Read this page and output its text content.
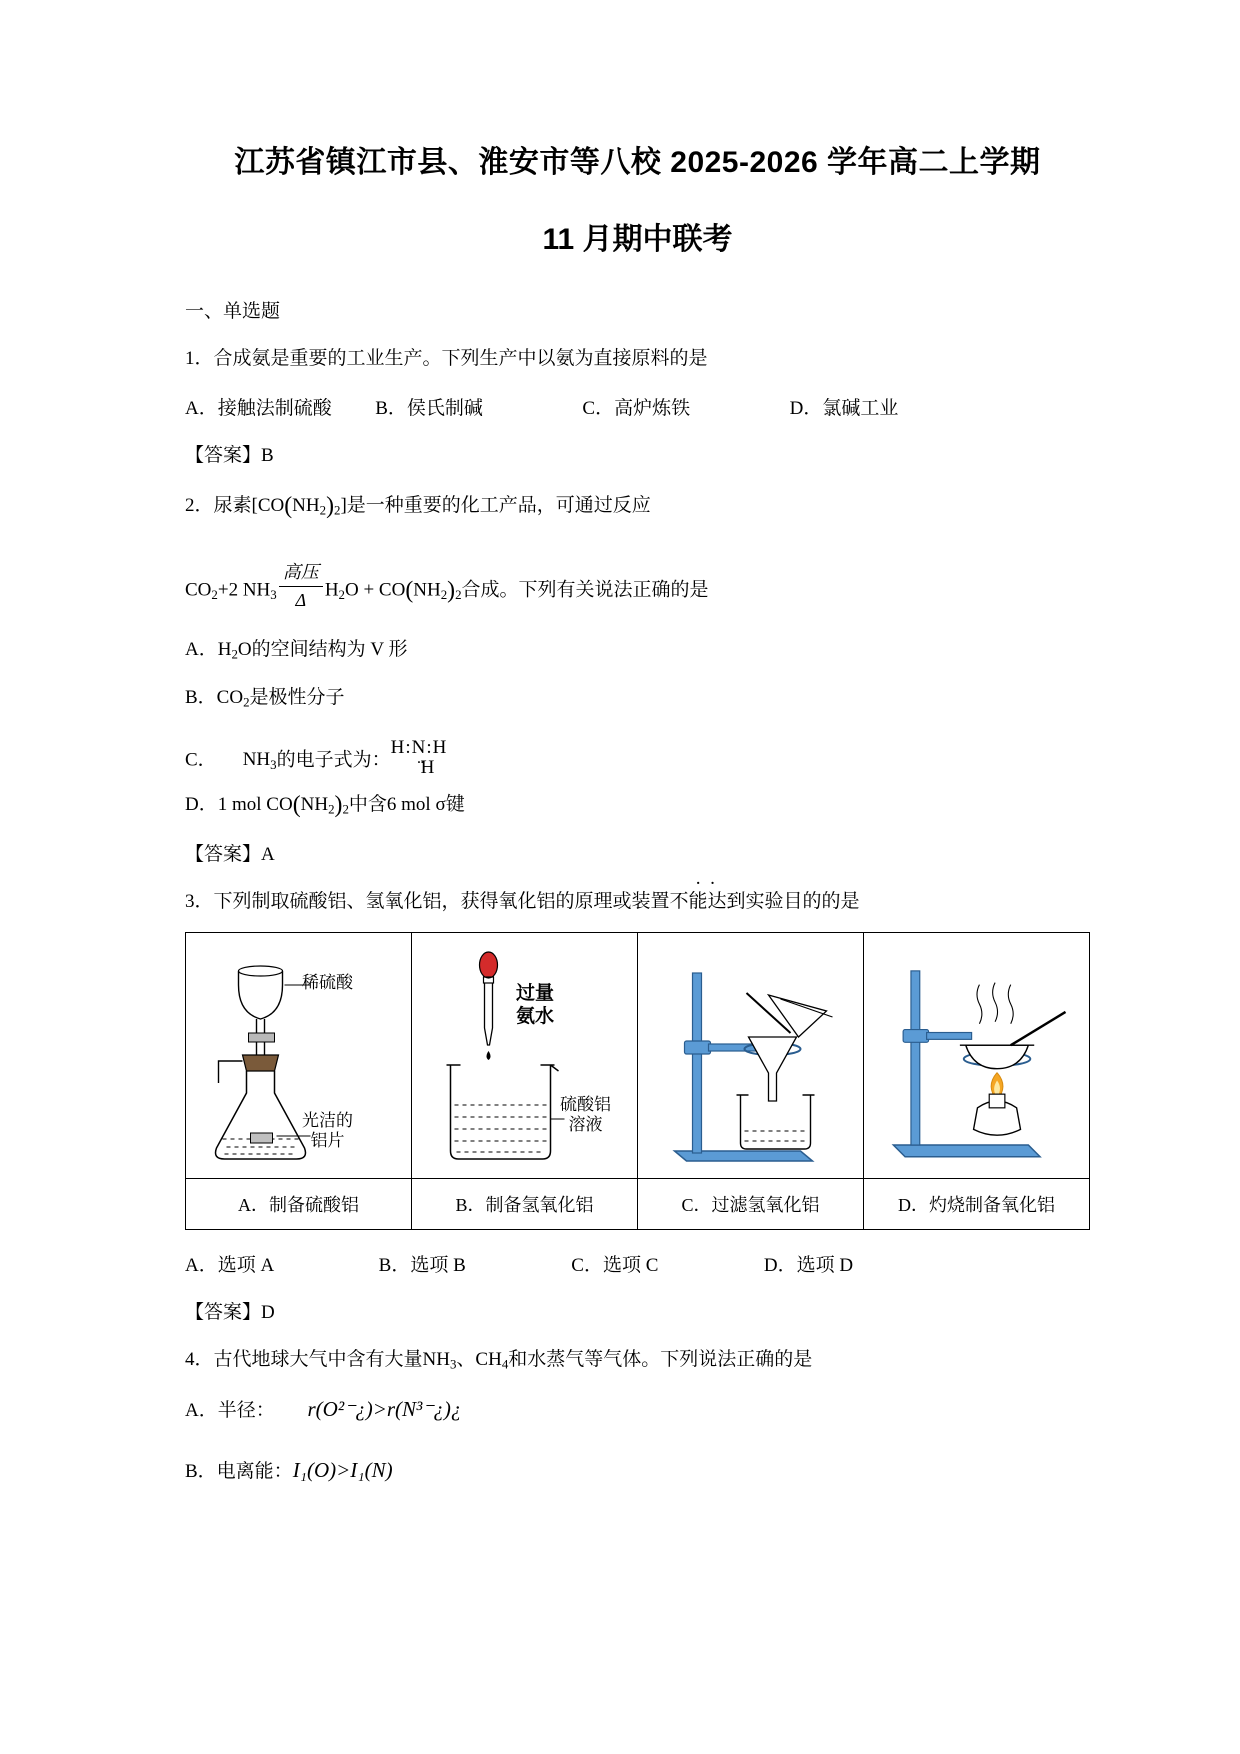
江苏省镇江市县、淮安市等八校 2025-2026 学年高二上学期
11 月期中联考
一、单选题

1．合成氨是重要的工业生产。下列生产中以氨为直接原料的是

A．接触法制硫酸 B．侯氏制碱	C．高炉炼铁	D．氯碱工业

【答案】B

2．尿素$[CO(NH_2)_2]$是一种重要的化工产品，可通过反应

$CO_2+2$ $NH_3 \frac{\text{高压}}{\Delta} H_2O + CO(NH_2)_2$合成。下列有关说法正确的是

A．$H_2O$的空间结构为 V 形

B．$CO_2$是极性分子

C． $NH_3$的电子式为：
H:N:H
H

D．1 mol $CO(NH_2)_2$中含6 mol σ键

【答案】A

··
3．下列制取硫酸铝、氢氧化铝，获得氧化铝的原理或装置不能达到实验目的的是

稀硫酸
光洁的
铝片

过量
氨水
硫酸铝
溶液

A．制备硫酸铝	B．制备氢氧化铝	C．过滤氢氧化铝	D．灼烧制备氧化铝

A．选项 A	B．选项 B	C．选项 C	D．选项 D

【答案】D

4．古代地球大气中含有大量$NH_3$、$CH_4$和水蒸气等气体。下列说法正确的是

A．半径： r(O²⁻¿)>r(N³⁻¿)¿

B．电离能：I₁(O)>I₁(N)
